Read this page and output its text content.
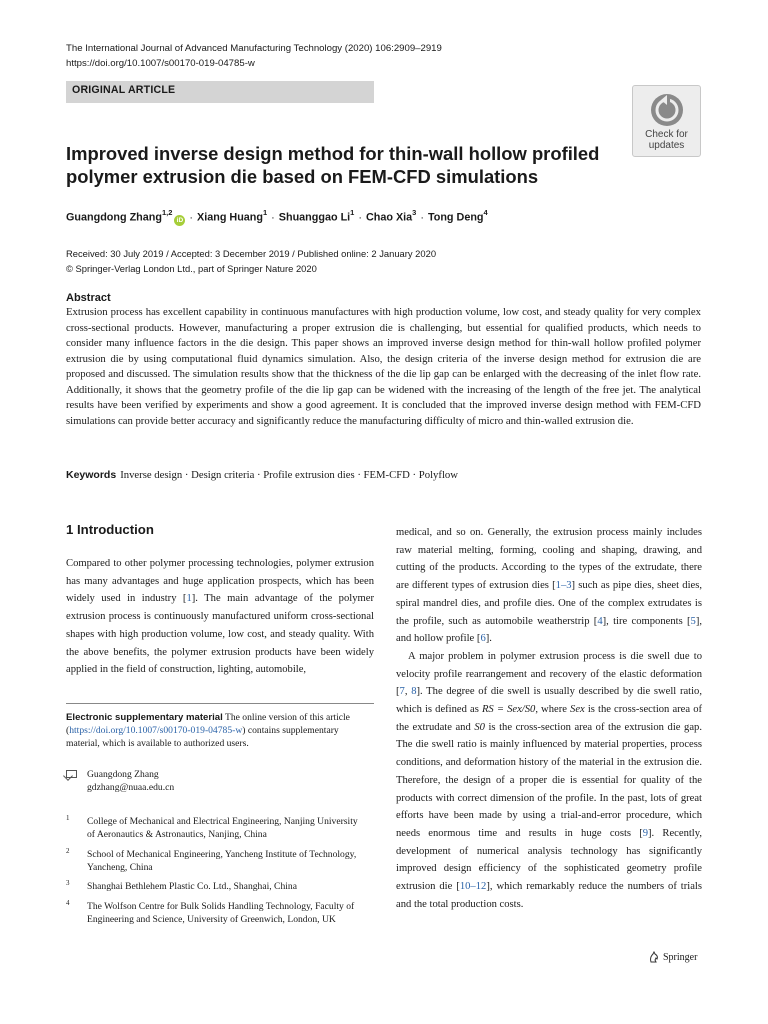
The International Journal of Advanced Manufacturing Technology (2020) 106:2909–2919
https://doi.org/10.1007/s00170-019-04785-w
ORIGINAL ARTICLE
Check for updates
Improved inverse design method for thin-wall hollow profiled polymer extrusion die based on FEM-CFD simulations
Guangdong Zhang$^{1,2}$iD · Xiang Huang$^1$ · Shuanggao $Li^1$ · Chao Xia$^3$ · Tong Deng$^4$
Received: 30 July 2019 / Accepted: 3 December 2019 / Published online: 2 January 2020
© Springer-Verlag London Ltd., part of Springer Nature 2020
Abstract

Extrusion process has excellent capability in continuous manufactures with high production volume, low cost, and steady quality for very complex cross-sectional products. However, manufacturing a proper extrusion die is challenging, but essential for qualified products, which needs to consider many influence factors in the die design. This paper shows an improved inverse design method for thin-wall hollow profiled polymer extrusion die by using computational fluid dynamics simulation. Also, the design criteria of the inverse design method for extrusion die are proposed and discussed. The simulation results show that the thickness of the die lip gap can be enlarged with the decreasing of the inlet flow rate. Additionally, it shows that the geometry profile of the die lip gap can be widened with the increasing of the length of the free jet. The analytical results have been verified by experiments and show a good agreement. It is concluded that the improved inverse design method with FEM-CFD simulations can provide better accuracy and significantly reduce the manufacturing difficulty of micro and thin-walled extrusion die.

Keywords Inverse design · Design criteria · Profile extrusion dies · FEM-CFD · Polyflow
1 Introduction

Compared to other polymer processing technologies, polymer extrusion has many advantages and huge application prospects, which has been widely used in industry [1]. The main advantage of the polymer extrusion process is continuously manufactured uniform cross-sectional shapes with high production volume, low cost, and steady quality. With the above benefits, the polymer extrusion products have been widely applied in the field of construction, lighting, automobile,

medical, and so on. Generally, the extrusion process mainly includes raw material melting, forming, cooling and shaping, drawing, and cutting of the products. According to the types of the extrudate, there are different types of extrusion dies [1–3] such as pipe dies, sheet dies, spiral mandrel dies, and profile dies. One of the complex extrudates is the profile, such as automobile weatherstrip [4], tire components [5], and hollow profile [6].

A major problem in polymer extrusion process is die swell due to velocity profile rearrangement and recovery of the elastic deformation [7, 8]. The degree of die swell is usually described by die swell ratio, which is defined as RS = Sex/S0, where Sex is the cross-section area of the extrudate and S0 is the cross-section area of the extrusion die gap. The die swell ratio is mainly influenced by material properties, process conditions, and deformation history of the material in the extrusion die. Therefore, the design of a proper die is essential for quality of the products with correct dimension of the profile. In the past, lots of great efforts have been made by using a trial-and-error procedure, which needs enormous time and results in huge costs [9]. Recently, development of numerical analysis technology has significantly improved design efficiency of the sophisticated geometry profile extrusion die [10–12], which remarkably reduce the numbers of trials and the total production costs.

Electronic supplementary material The online version of this article (https://doi.org/10.1007/s00170-019-04785-w) contains supplementary material, which is available to authorized users.

Guangdong Zhang
gdzhang@nuaa.edu.cn
1 College of Mechanical and Electrical Engineering, Nanjing University of Aeronautics & Astronautics, Nanjing, China
2 School of Mechanical Engineering, Yancheng Institute of Technology, Yancheng, China
3 Shanghai Bethlehem Plastic Co. Ltd., Shanghai, China
4 The Wolfson Centre for Bulk Solids Handling Technology, Faculty of Engineering and Science, University of Greenwich, London, UK
Springer
